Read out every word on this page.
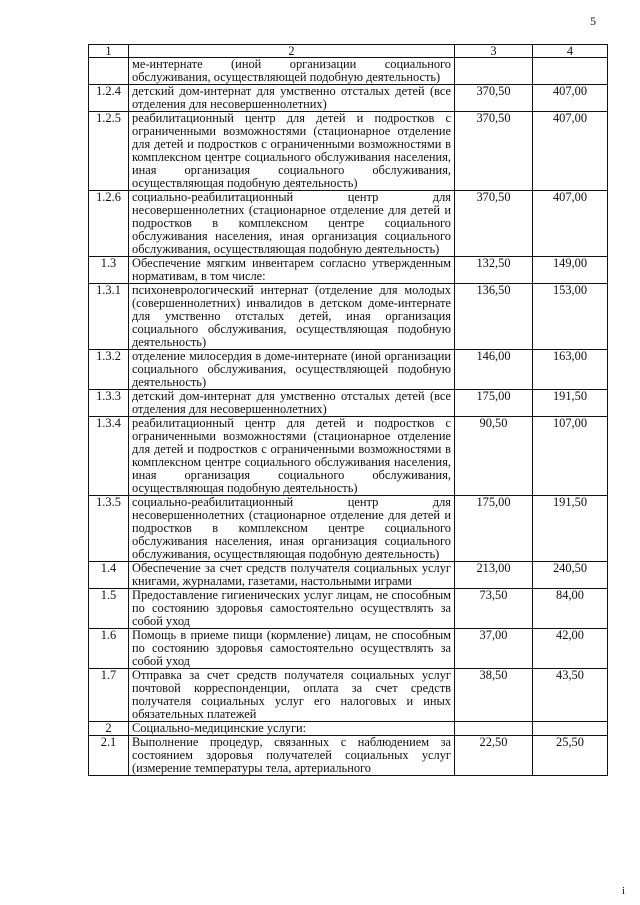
5
1	2	3	4
	ме-интернате (иной организации социального обслуживания, осуществляющей подобную деятельность)		
1.2.4	детский дом-интернат для умственно отсталых детей (все отделения для несовершеннолетних)	370,50	407,00
1.2.5	реабилитационный центр для детей и подростков с ограниченными возможностями (стационарное отделение для детей и подростков с ограниченными возможностями в комплексном центре социального обслуживания населения, иная организация социального обслуживания, осуществляющая подобную деятельность)	370,50	407,00
1.2.6	социально-реабилитационный центр для несовершеннолетних (стационарное отделение для детей и подростков в комплексном центре социального обслуживания населения, иная организация социального обслуживания, осуществляющая подобную деятельность)	370,50	407,00
1.3	Обеспечение мягким инвентарем согласно утвержденным нормативам, в том числе:	132,50	149,00
1.3.1	психоневрологический интернат (отделение для молодых (совершеннолетних) инвалидов в детском доме-интернате для умственно отсталых детей, иная организация социального обслуживания, осуществляющая подобную деятельность)	136,50	153,00
1.3.2	отделение милосердия в доме-интернате (иной организации социального обслуживания, осуществляющей подобную деятельность)	146,00	163,00
1.3.3	детский дом-интернат для умственно отсталых детей (все отделения для несовершеннолетних)	175,00	191,50
1.3.4	реабилитационный центр для детей и подростков с ограниченными возможностями (стационарное отделение для детей и подростков с ограниченными возможностями в комплексном центре социального обслуживания населения, иная организация социального обслуживания, осуществляющая подобную деятельность)	90,50	107,00
1.3.5	социально-реабилитационный центр для несовершеннолетних (стационарное отделение для детей и подростков в комплексном центре социального обслуживания населения, иная организация социального обслуживания, осуществляющая подобную деятельность)	175,00	191,50
1.4	Обеспечение за счет средств получателя социальных услуг книгами, журналами, газетами, настольными играми	213,00	240,50
1.5	Предоставление гигиенических услуг лицам, не способным по состоянию здоровья самостоятельно осуществлять за собой уход	73,50	84,00
1.6	Помощь в приеме пищи (кормление) лицам, не способным по состоянию здоровья самостоятельно осуществлять за собой уход	37,00	42,00
1.7	Отправка за счет средств получателя социальных услуг почтовой корреспонденции, оплата за счет средств получателя социальных услуг его налоговых и иных обязательных платежей	38,50	43,50
2	Социально-медицинские услуги:		
2.1	Выполнение процедур, связанных с наблюдением за состоянием здоровья получателей социальных услуг (измерение температуры тела, артериального	22,50	25,50
i
